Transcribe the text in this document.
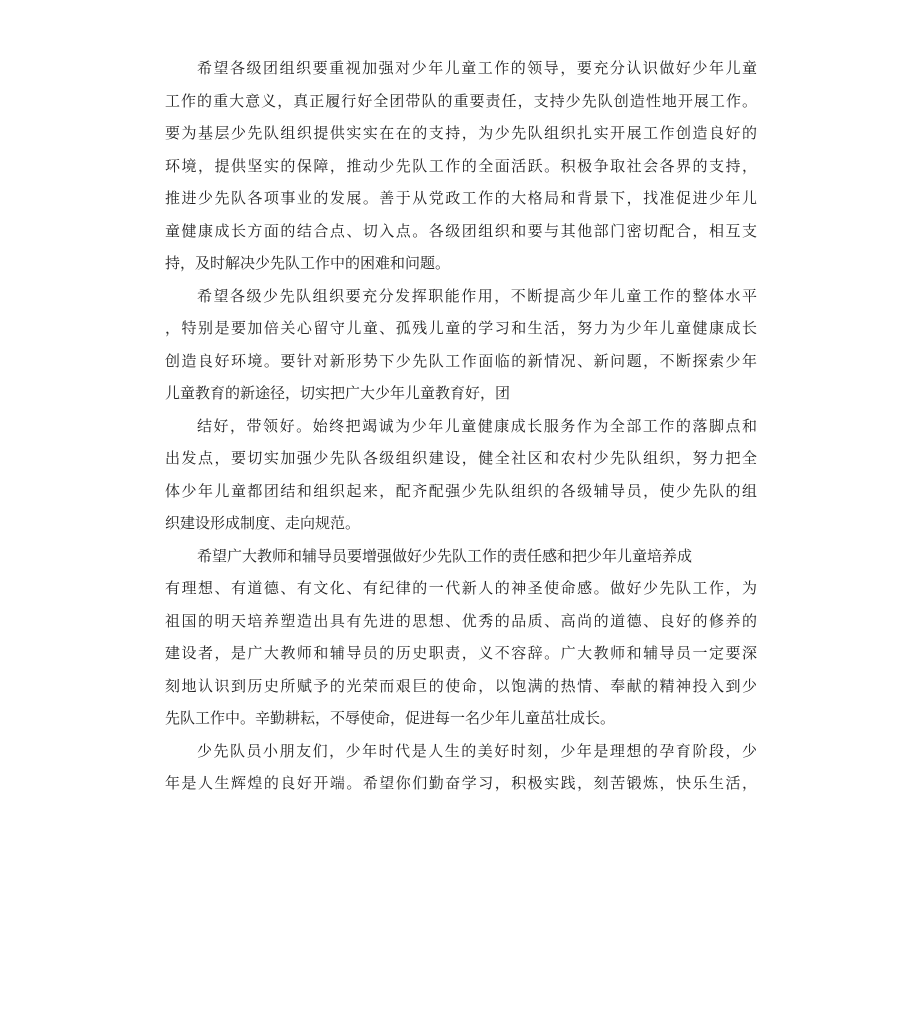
希望各级团组织要重视加强对少年儿童工作的领导，要充分认识做好少年儿童
工作的重大意义，真正履行好全团带队的重要责任，支持少先队创造性地开展工作。
要为基层少先队组织提供实实在在的支持，为少先队组织扎实开展工作创造良好的
环境，提供坚实的保障，推动少先队工作的全面活跃。积极争取社会各界的支持，
推进少先队各项事业的发展。善于从党政工作的大格局和背景下，找准促进少年儿
童健康成长方面的结合点、切入点。各级团组织和要与其他部门密切配合，相互支
持，及时解决少先队工作中的困难和问题。
希望各级少先队组织要充分发挥职能作用，不断提高少年儿童工作的整体水平
，特别是要加倍关心留守儿童、孤残儿童的学习和生活，努力为少年儿童健康成长
创造良好环境。要针对新形势下少先队工作面临的新情况、新问题，不断探索少年
儿童教育的新途径，切实把广大少年儿童教育好，团
结好，带领好。始终把竭诚为少年儿童健康成长服务作为全部工作的落脚点和
出发点，要切实加强少先队各级组织建设，健全社区和农村少先队组织，努力把全
体少年儿童都团结和组织起来，配齐配强少先队组织的各级辅导员，使少先队的组
织建设形成制度、走向规范。
希望广大教师和辅导员要增强做好少先队工作的责任感和把少年儿童培养成
有理想、有道德、有文化、有纪律的一代新人的神圣使命感。做好少先队工作，为
祖国的明天培养塑造出具有先进的思想、优秀的品质、高尚的道德、良好的修养的
建设者，是广大教师和辅导员的历史职责，义不容辞。广大教师和辅导员一定要深
刻地认识到历史所赋予的光荣而艰巨的使命，以饱满的热情、奉献的精神投入到少
先队工作中。辛勤耕耘，不辱使命，促进每一名少年儿童茁壮成长。
少先队员小朋友们，少年时代是人生的美好时刻，少年是理想的孕育阶段，少
年是人生辉煌的良好开端。希望你们勤奋学习，积极实践，刻苦锻炼，快乐生活，
